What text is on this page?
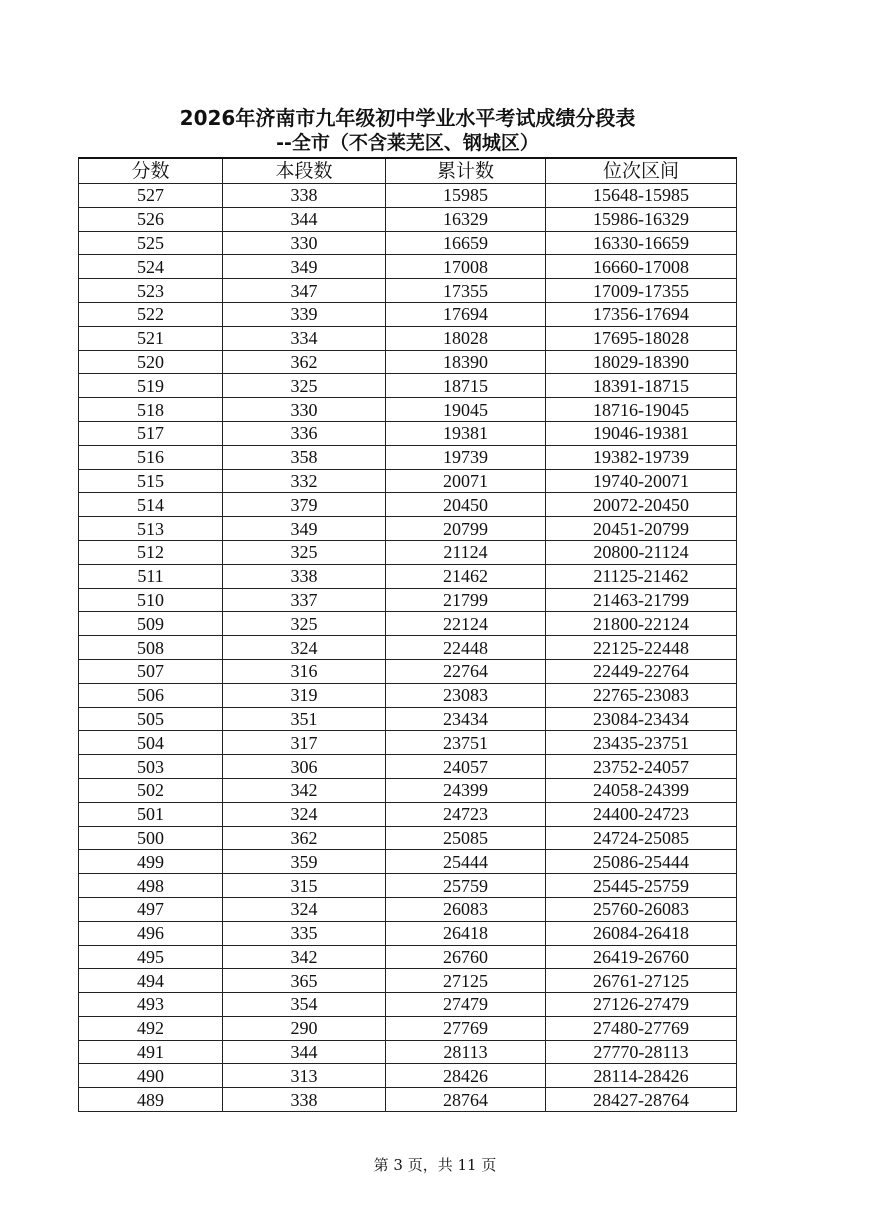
2026年济南市九年级初中学业水平考试成绩分段表
--全市（不含莱芜区、钢城区）
分数	本段数	累计数	位次区间
527	338	15985	15648-15985
526	344	16329	15986-16329
525	330	16659	16330-16659
524	349	17008	16660-17008
523	347	17355	17009-17355
522	339	17694	17356-17694
521	334	18028	17695-18028
520	362	18390	18029-18390
519	325	18715	18391-18715
518	330	19045	18716-19045
517	336	19381	19046-19381
516	358	19739	19382-19739
515	332	20071	19740-20071
514	379	20450	20072-20450
513	349	20799	20451-20799
512	325	21124	20800-21124
511	338	21462	21125-21462
510	337	21799	21463-21799
509	325	22124	21800-22124
508	324	22448	22125-22448
507	316	22764	22449-22764
506	319	23083	22765-23083
505	351	23434	23084-23434
504	317	23751	23435-23751
503	306	24057	23752-24057
502	342	24399	24058-24399
501	324	24723	24400-24723
500	362	25085	24724-25085
499	359	25444	25086-25444
498	315	25759	25445-25759
497	324	26083	25760-26083
496	335	26418	26084-26418
495	342	26760	26419-26760
494	365	27125	26761-27125
493	354	27479	27126-27479
492	290	27769	27480-27769
491	344	28113	27770-28113
490	313	28426	28114-28426
489	338	28764	28427-28764
第 3 页，共 11 页
